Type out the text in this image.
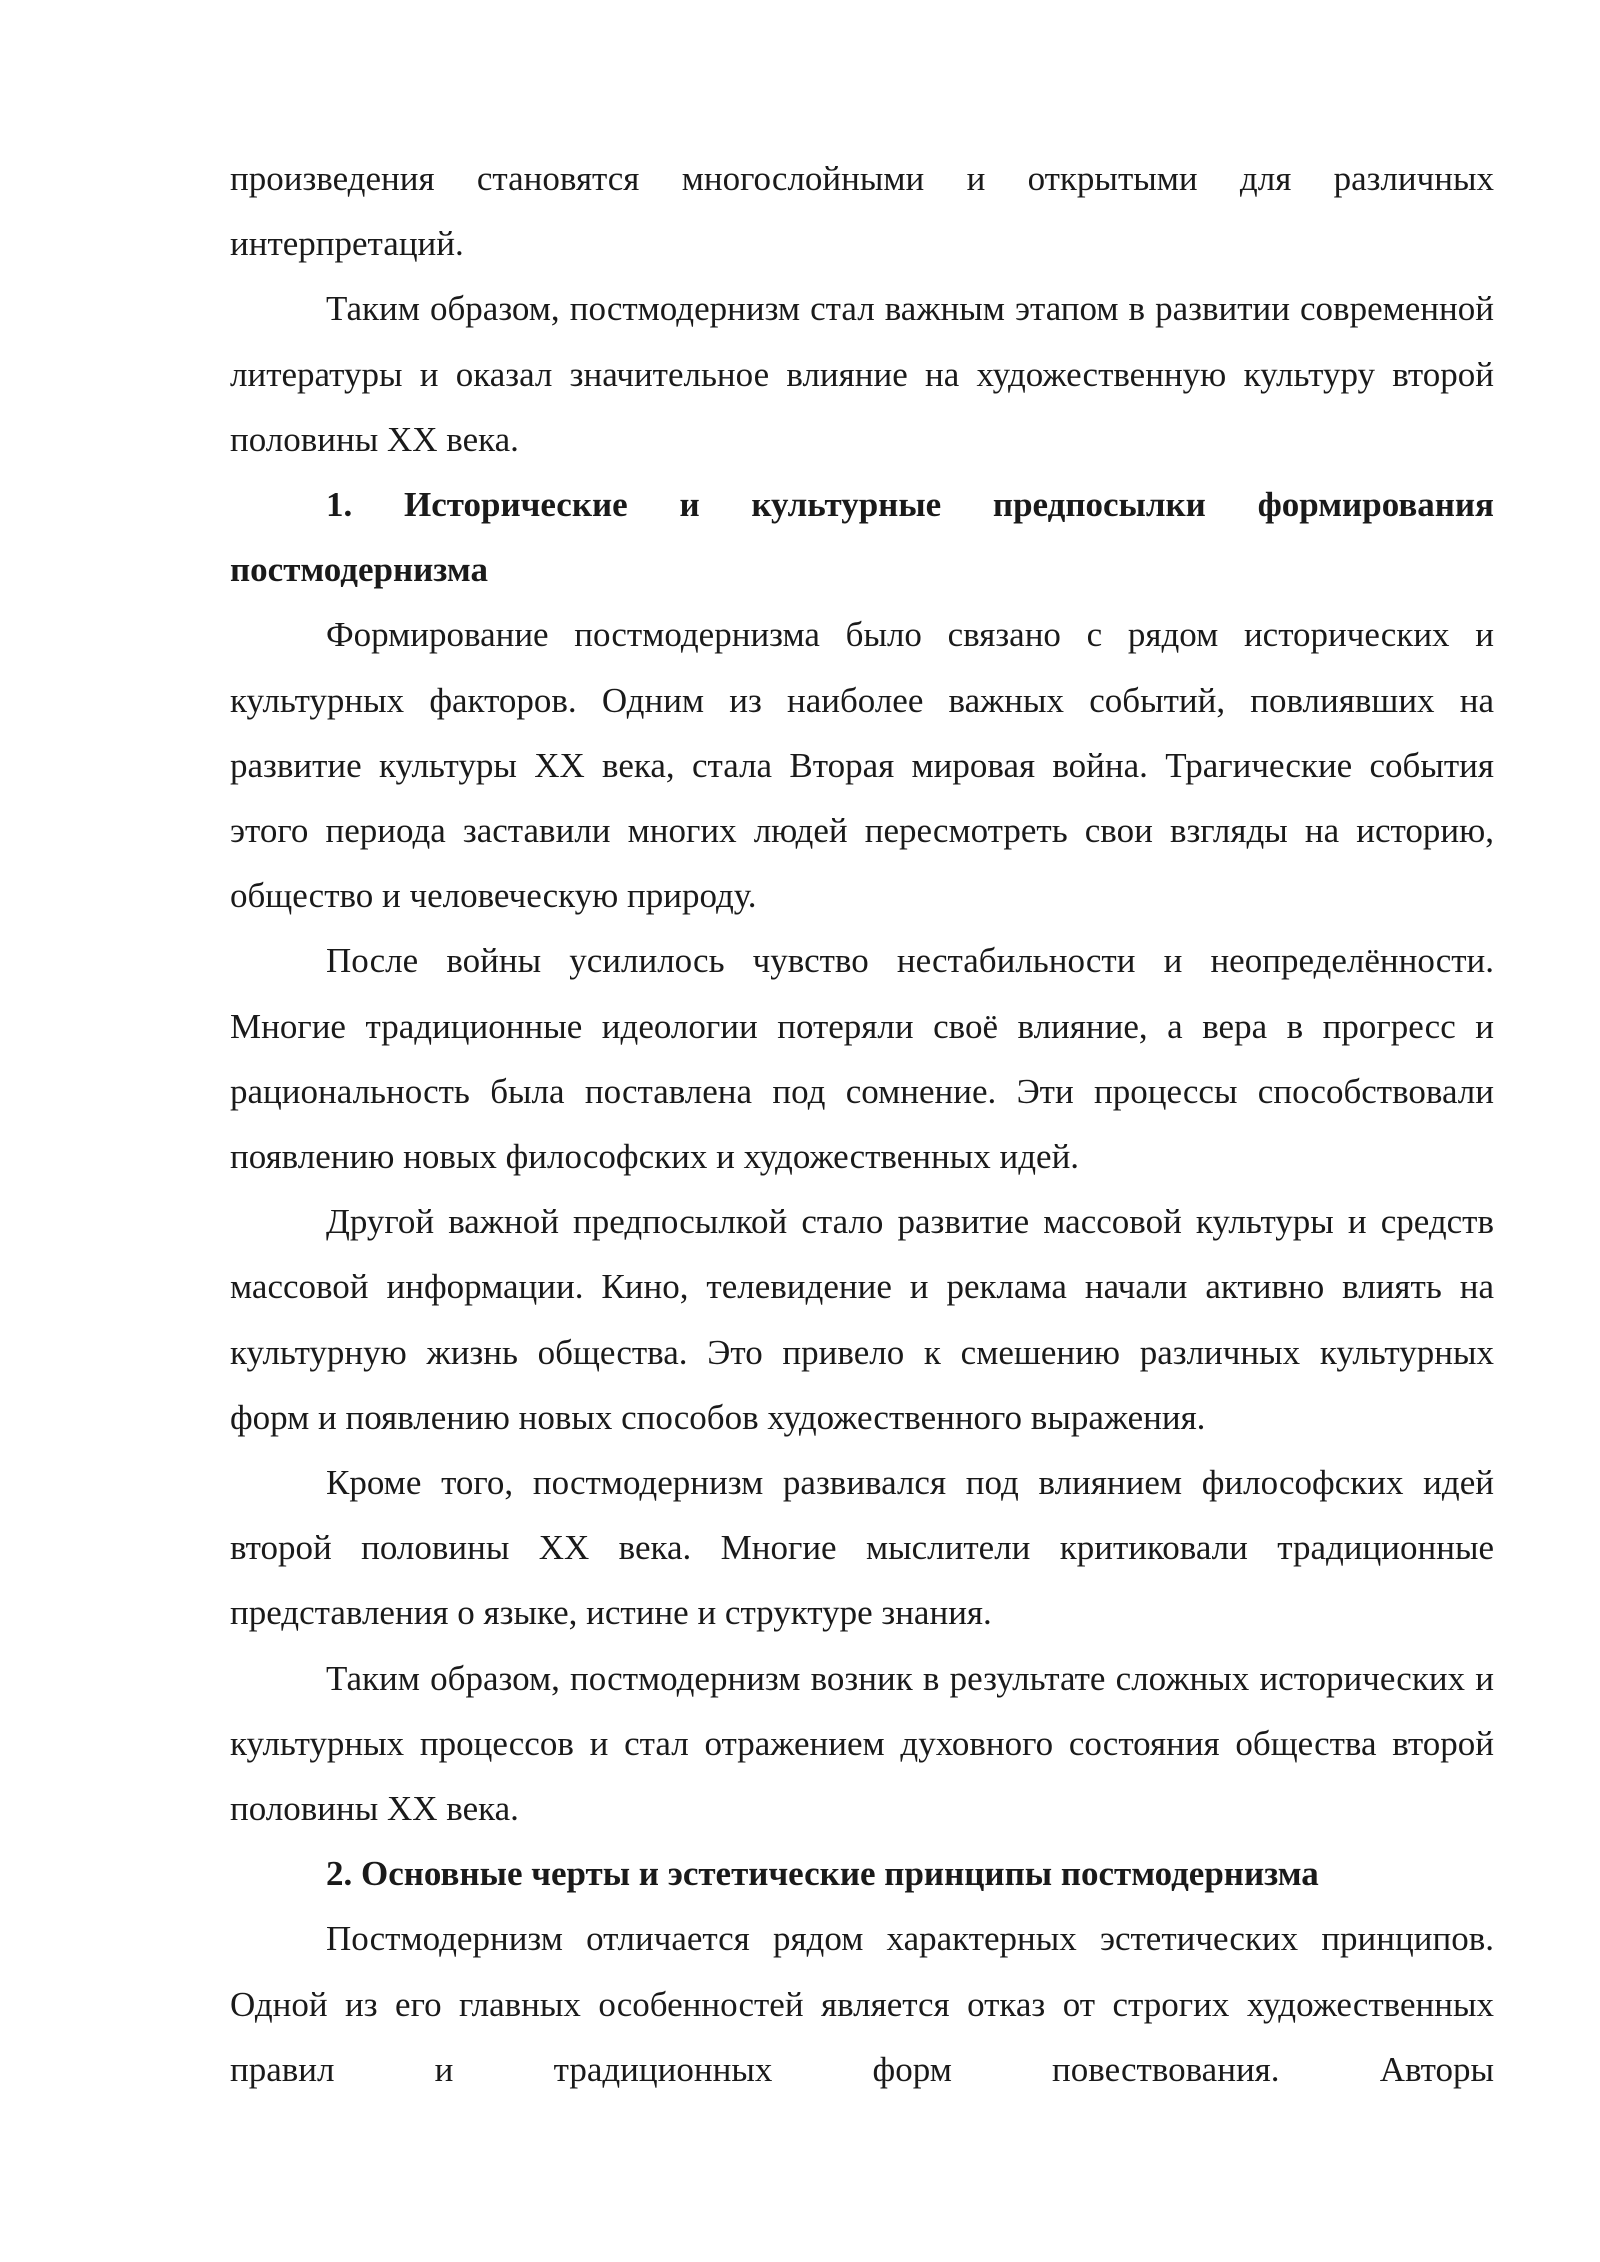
произведения становятся многослойными и открытыми для различных интерпретаций.

Таким образом, постмодернизм стал важным этапом в развитии современной литературы и оказал значительное влияние на художественную культуру второй половины XX века.

1. Исторические и культурные предпосылки формирования постмодернизма

Формирование постмодернизма было связано с рядом исторических и культурных факторов. Одним из наиболее важных событий, повлиявших на развитие культуры XX века, стала Вторая мировая война. Трагические события этого периода заставили многих людей пересмотреть свои взгляды на историю, общество и человеческую природу.

После войны усилилось чувство нестабильности и неопределённости. Многие традиционные идеологии потеряли своё влияние, а вера в прогресс и рациональность была поставлена под сомнение. Эти процессы способствовали появлению новых философских и художественных идей.

Другой важной предпосылкой стало развитие массовой культуры и средств массовой информации. Кино, телевидение и реклама начали активно влиять на культурную жизнь общества. Это привело к смешению различных культурных форм и появлению новых способов художественного выражения.

Кроме того, постмодернизм развивался под влиянием философских идей второй половины XX века. Многие мыслители критиковали традиционные представления о языке, истине и структуре знания.

Таким образом, постмодернизм возник в результате сложных исторических и культурных процессов и стал отражением духовного состояния общества второй половины XX века.

2. Основные черты и эстетические принципы постмодернизма

Постмодернизм отличается рядом характерных эстетических принципов. Одной из его главных особенностей является отказ от строгих художественных правил и традиционных форм повествования. Авторы
